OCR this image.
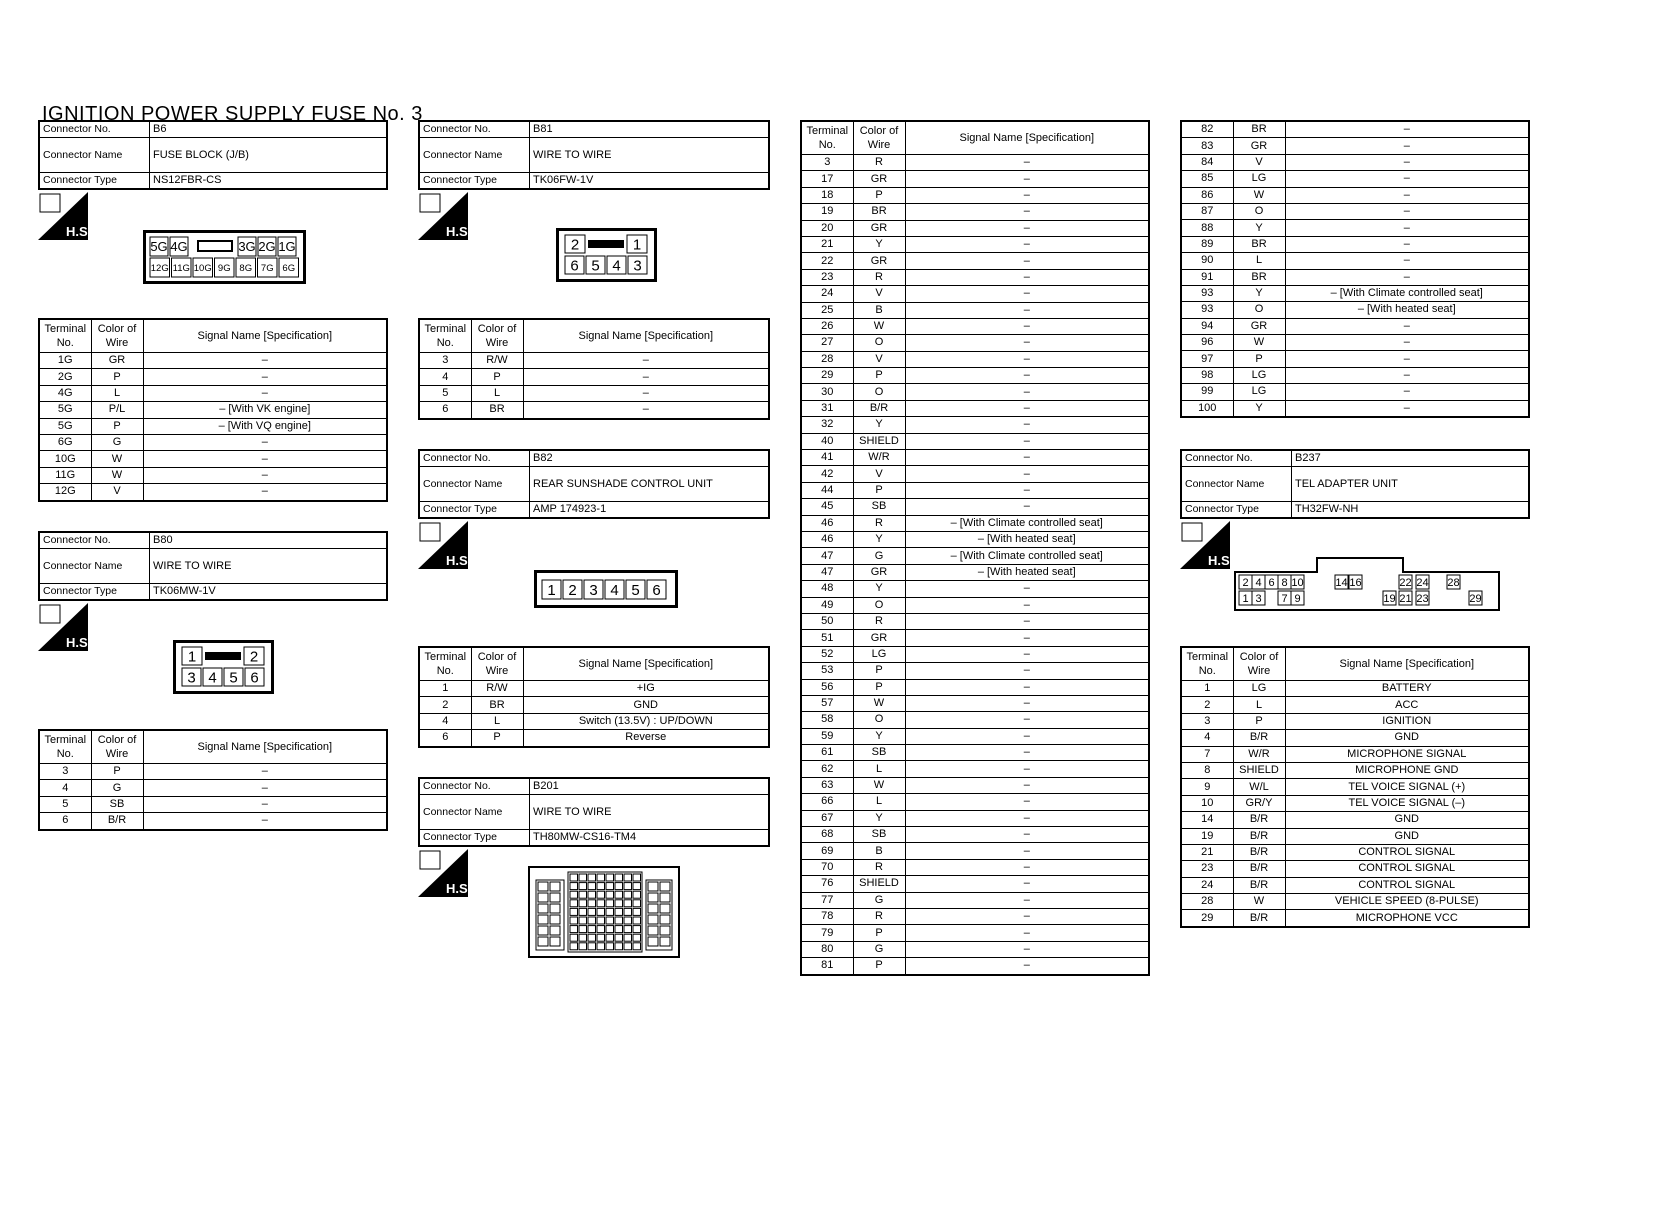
IGNITION POWER SUPPLY FUSE No. 3
Connector No.	B6
Connector Name	FUSE BLOCK (J/B)
Connector Type	NS12FBR-CS
H.S.
5G 4G	3G 2G 1G
12G 11G 10G 9G 8G 7G 6G
Terminal No.	Color of Wire	Signal Name [Specification]
1G	GR	–
2G	P	–
4G	L	–
5G	P/L	– [With VK engine]
5G	P	– [With VQ engine]
6G	G	–
10G	W	–
11G	W	–
12G	V	–
Connector No.	B80
Connector Name	WIRE TO WIRE
Connector Type	TK06MW-1V
H.S.
1	2
3 4 5 6
Terminal No.	Color of Wire	Signal Name [Specification]
3	P	–
4	G	–
5	SB	–
6	B/R	–
Connector No.	B81
Connector Name	WIRE TO WIRE
Connector Type	TK06FW-1V
H.S.
2	1
6 5 4 3
Terminal No.	Color of Wire	Signal Name [Specification]
3	R/W	–
4	P	–
5	L	–
6	BR	–
Connector No.	B82
Connector Name	REAR SUNSHADE CONTROL UNIT
Connector Type	AMP 174923-1
H.S.
1 2 3 4 5 6
Terminal No.	Color of Wire	Signal Name [Specification]
1	R/W	+IG
2	BR	GND
4	L	Switch (13.5V) : UP/DOWN
6	P	Reverse
Connector No.	B201
Connector Name	WIRE TO WIRE
Connector Type	TH80MW-CS16-TM4
H.S.
Terminal No.	Color of Wire	Signal Name [Specification]
3	R	–
17	GR	–
18	P	–
19	BR	–
20	GR	–
21	Y	–
22	GR	–
23	R	–
24	V	–
25	B	–
26	W	–
27	O	–
28	V	–
29	P	–
30	O	–
31	B/R	–
32	Y	–
40	SHIELD	–
41	W/R	–
42	V	–
44	P	–
45	SB	–
46	R	– [With Climate controlled seat]
46	Y	– [With heated seat]
47	G	– [With Climate controlled seat]
47	GR	– [With heated seat]
48	Y	–
49	O	–
50	R	–
51	GR	–
52	LG	–
53	P	–
56	P	–
57	W	–
58	O	–
59	Y	–
61	SB	–
62	L	–
63	W	–
66	L	–
67	Y	–
68	SB	–
69	B	–
70	R	–
76	SHIELD	–
77	G	–
78	R	–
79	P	–
80	G	–
81	P	–
82	BR	–
83	GR	–
84	V	–
85	LG	–
86	W	–
87	O	–
88	Y	–
89	BR	–
90	L	–
91	BR	–
93	Y	– [With Climate controlled seat]
93	O	– [With heated seat]
94	GR	–
96	W	–
97	P	–
98	LG	–
99	LG	–
100	Y	–
Connector No.	B237
Connector Name	TEL ADAPTER UNIT
Connector Type	TH32FW-NH
H.S.
2 4 6 8 10	14 16	22 24 28
1 3 7 9	19 21 23	29
Terminal No.	Color of Wire	Signal Name [Specification]
1	LG	BATTERY
2	L	ACC
3	P	IGNITION
4	B/R	GND
7	W/R	MICROPHONE SIGNAL
8	SHIELD	MICROPHONE GND
9	W/L	TEL VOICE SIGNAL (+)
10	GR/Y	TEL VOICE SIGNAL (–)
14	B/R	GND
19	B/R	GND
21	B/R	CONTROL SIGNAL
23	B/R	CONTROL SIGNAL
24	B/R	CONTROL SIGNAL
28	W	VEHICLE SPEED (8-PULSE)
29	B/R	MICROPHONE VCC
